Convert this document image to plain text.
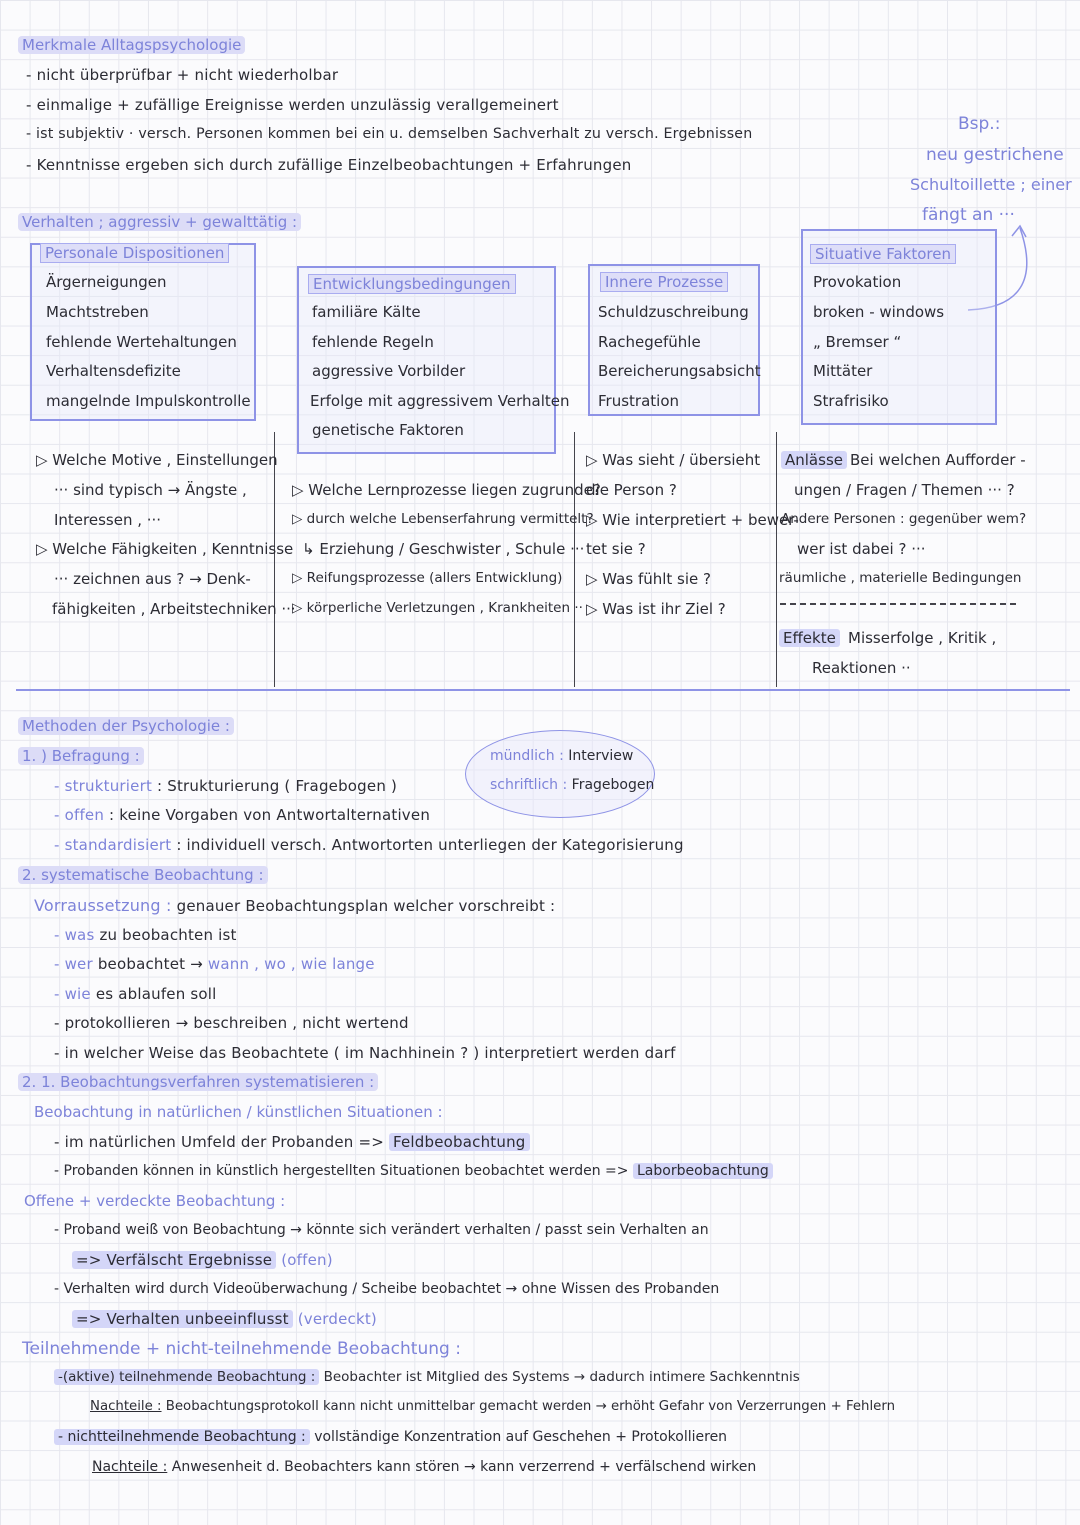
Merkmale Alltagspsychologie
- nicht überprüfbar + nicht wiederholbar
- einmalige + zufällige Ereignisse werden unzulässig verallgemeinert
- ist subjektiv · versch. Personen kommen bei ein u. demselben Sachverhalt zu versch. Ergebnissen
- Kenntnisse ergeben sich durch zufällige Einzelbeobachtungen + Erfahrungen
Bsp.:
neu gestrichene
Schultoillette ; einer
fängt an ···
Verhalten ; aggressiv + gewalttätig :
Personale Dispositionen
Ärgerneigungen
Machtstreben
fehlende Wertehaltungen
Verhaltensdefizite
mangelnde Impulskontrolle
Entwicklungsbedingungen
familiäre Kälte
fehlende Regeln
aggressive Vorbilder
Erfolge mit aggressivem Verhalten
genetische Faktoren
Innere Prozesse
Schuldzuschreibung
Rachegefühle
Bereicherungsabsicht
Frustration
Situative Faktoren
Provokation
broken - windows
„ Bremser “
Mittäter
Strafrisiko
▷ Welche Motive , Einstellungen
··· sind typisch → Ängste ,
Interessen , ···
▷ Welche Fähigkeiten , Kenntnisse
··· zeichnen aus ? → Denk-
fähigkeiten , Arbeitstechniken ···
▷ Welche Lernprozesse liegen zugrunde?
▷ durch welche Lebenserfahrung vermittelt?
↳ Erziehung / Geschwister , Schule ···
▷ Reifungsprozesse (allers Entwicklung)
▷ körperliche Verletzungen , Krankheiten ··
▷ Was sieht / übersieht
die Person ?
▷ Wie interpretiert + bewer-
tet sie ?
▷ Was fühlt sie ?
▷ Was ist ihr Ziel ?
Anlässe Bei welchen Aufforder -
ungen / Fragen / Themen ··· ?
Andere Personen : gegenüber wem?
wer ist dabei ? ···
räumliche , materielle Bedingungen
Effekte Misserfolge , Kritik ,
Reaktionen ··
Methoden der Psychologie :
1. ) Befragung :
- strukturiert : Strukturierung ( Fragebogen )
- offen : keine Vorgaben von Antwortalternativen
- standardisiert : individuell versch. Antwortorten unterliegen der Kategorisierung
mündlich : Interview
schriftlich : Fragebogen
2. systematische Beobachtung :
Vorraussetzung : genauer Beobachtungsplan welcher vorschreibt :
- was zu beobachten ist
- wer beobachtet → wann , wo , wie lange
- wie es ablaufen soll
- protokollieren → beschreiben , nicht wertend
- in welcher Weise das Beobachtete ( im Nachhinein ? ) interpretiert werden darf
2. 1. Beobachtungsverfahren systematisieren :
Beobachtung in natürlichen / künstlichen Situationen :
- im natürlichen Umfeld der Probanden => Feldbeobachtung
- Probanden können in künstlich hergestellten Situationen beobachtet werden => Laborbeobachtung
Offene + verdeckte Beobachtung :
- Proband weiß von Beobachtung → könnte sich verändert verhalten / passt sein Verhalten an
=> Verfälscht Ergebnisse (offen)
- Verhalten wird durch Videoüberwachung / Scheibe beobachtet → ohne Wissen des Probanden
=> Verhalten unbeeinflusst (verdeckt)
Teilnehmende + nicht-teilnehmende Beobachtung :
-(aktive) teilnehmende Beobachtung : Beobachter ist Mitglied des Systems → dadurch intimere Sachkenntnis
Nachteile : Beobachtungsprotokoll kann nicht unmittelbar gemacht werden → erhöht Gefahr von Verzerrungen + Fehlern
- nichtteilnehmende Beobachtung : vollständige Konzentration auf Geschehen + Protokollieren
Nachteile : Anwesenheit d. Beobachters kann stören → kann verzerrend + verfälschend wirken
